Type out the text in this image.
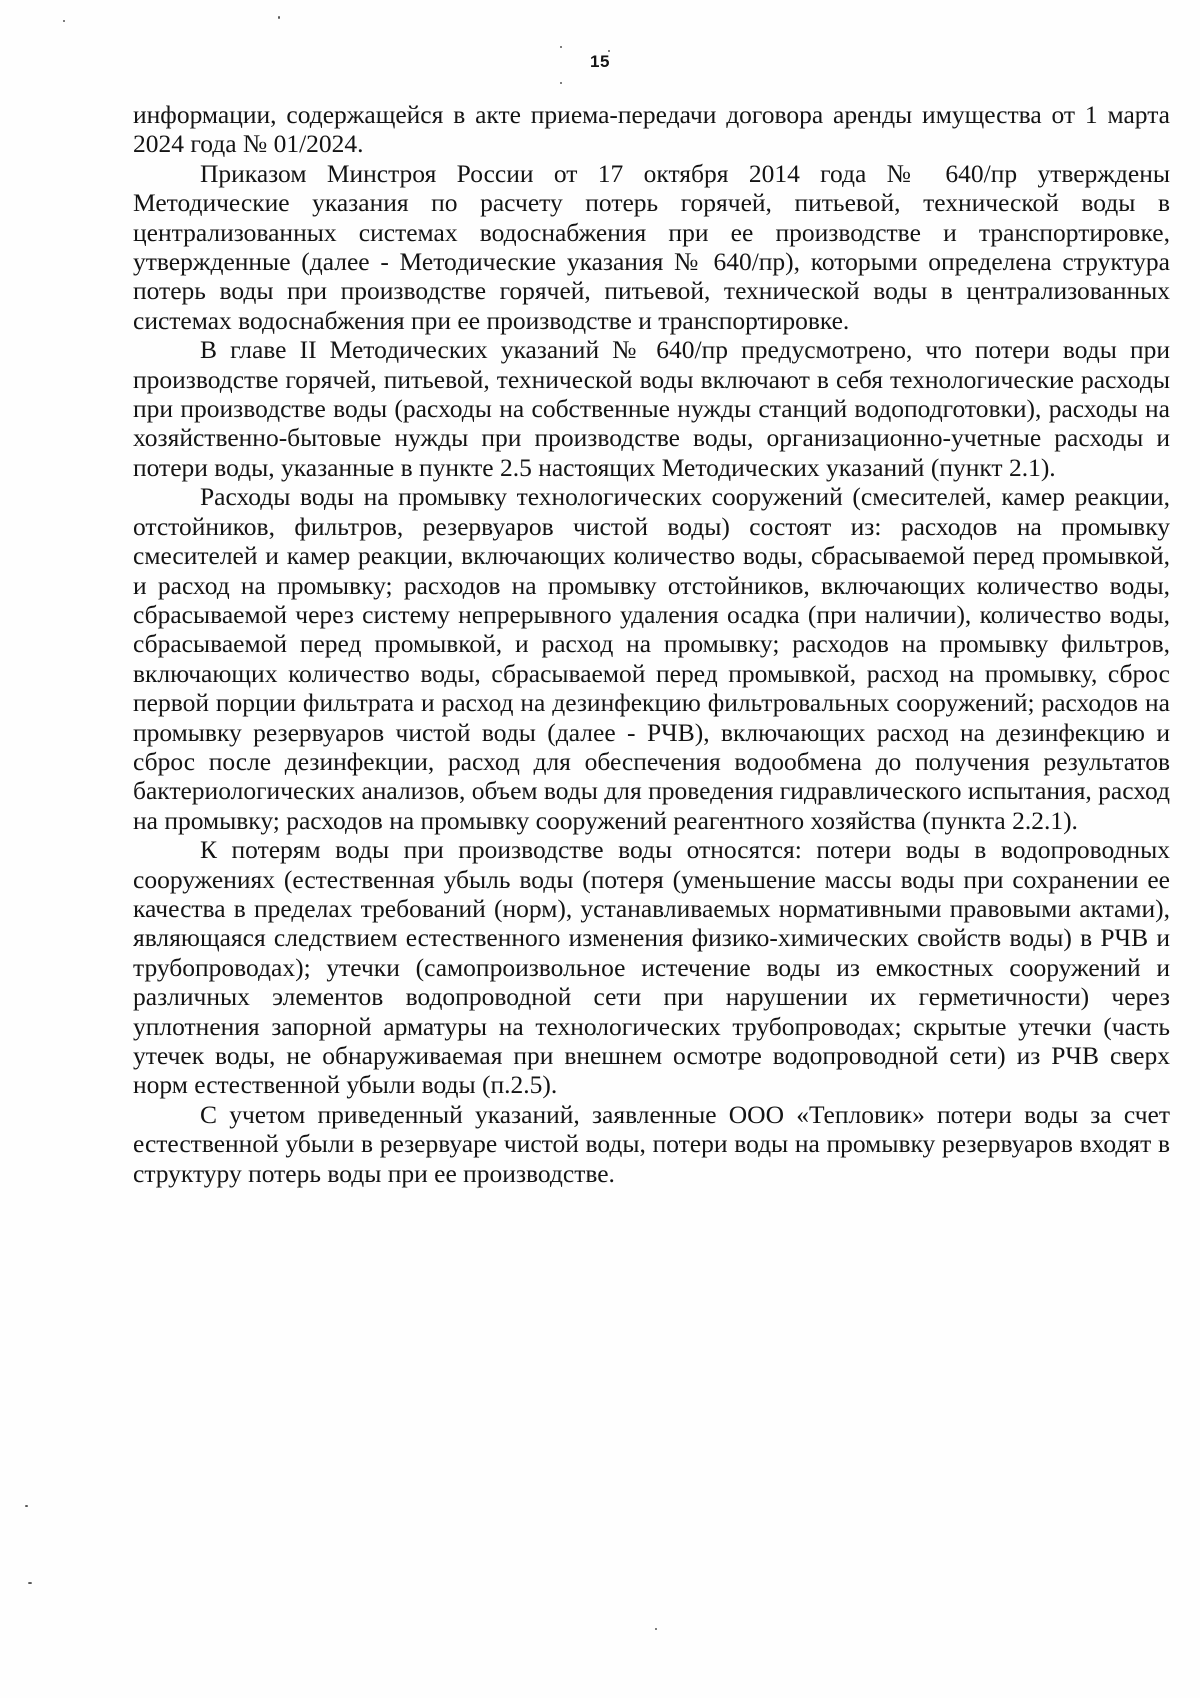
15

информации, содержащейся в акте приема-передачи договора аренды имущества от 1 марта 2024 года № 01/2024.

Приказом Минстроя России от 17 октября 2014 года № 640/пр утверждены Методические указания по расчету потерь горячей, питьевой, технической воды в централизованных системах водоснабжения при ее производстве и транспортировке, утвержденные (далее - Методические указания № 640/пр), которыми определена структура потерь воды при производстве горячей, питьевой, технической воды в централизованных системах водоснабжения при ее производстве и транспортировке.

В главе II Методических указаний № 640/пр предусмотрено, что потери воды при производстве горячей, питьевой, технической воды включают в себя технологические расходы при производстве воды (расходы на собственные нужды станций водоподготовки), расходы на хозяйственно-бытовые нужды при производстве воды, организационно-учетные расходы и потери воды, указанные в пункте 2.5 настоящих Методических указаний (пункт 2.1).

Расходы воды на промывку технологических сооружений (смесителей, камер реакции, отстойников, фильтров, резервуаров чистой воды) состоят из: расходов на промывку смесителей и камер реакции, включающих количество воды, сбрасываемой перед промывкой, и расход на промывку; расходов на промывку отстойников, включающих количество воды, сбрасываемой через систему непрерывного удаления осадка (при наличии), количество воды, сбрасываемой перед промывкой, и расход на промывку; расходов на промывку фильтров, включающих количество воды, сбрасываемой перед промывкой, расход на промывку, сброс первой порции фильтрата и расход на дезинфекцию фильтровальных сооружений; расходов на промывку резервуаров чистой воды (далее - РЧВ), включающих расход на дезинфекцию и сброс после дезинфекции, расход для обеспечения водообмена до получения результатов бактериологических анализов, объем воды для проведения гидравлического испытания, расход на промывку; расходов на промывку сооружений реагентного хозяйства (пункта 2.2.1).

К потерям воды при производстве воды относятся: потери воды в водопроводных сооружениях (естественная убыль воды (потеря (уменьшение массы воды при сохранении ее качества в пределах требований (норм), устанавливаемых нормативными правовыми актами), являющаяся следствием естественного изменения физико-химических свойств воды) в РЧВ и трубопроводах); утечки (самопроизвольное истечение воды из емкостных сооружений и различных элементов водопроводной сети при нарушении их герметичности) через уплотнения запорной арматуры на технологических трубопроводах; скрытые утечки (часть утечек воды, не обнаруживаемая при внешнем осмотре водопроводной сети) из РЧВ сверх норм естественной убыли воды (п.2.5).

С учетом приведенный указаний, заявленные ООО «Тепловик» потери воды за счет естественной убыли в резервуаре чистой воды, потери воды на промывку резервуаров входят в структуру потерь воды при ее производстве.
